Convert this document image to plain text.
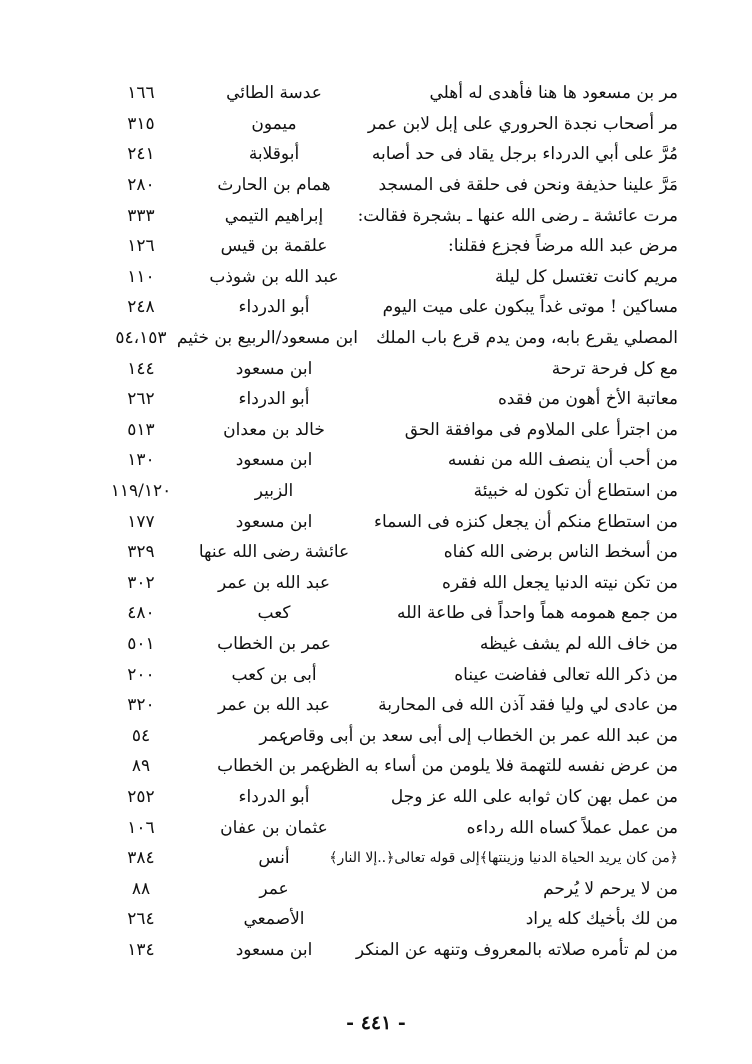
مر بن مسعود ها هنا فأهدى له أهلي
عدسة الطائي
١٦٦
مر أصحاب نجدة الحروري على إبل لابن عمر
ميمون
٣١٥
مُرَّ على أبي الدرداء برجل يقاد فى حد أصابه
أبوقلابة
٢٤١
مَرَّ علينا حذيفة ونحن فى حلقة فى المسجد
همام بن الحارث
٢٨٠
مرت عائشة ـ رضى الله عنها ـ بشجرة فقالت:
إبراهيم التيمي
٣٣٣
مرض عبد الله مرضاً فجزع فقلنا:
علقمة بن قيس
١٢٦
مريم كانت تغتسل كل ليلة
عبد الله بن شوذب
١١٠
مساكين ! موتى غداً يبكون على ميت اليوم
أبو الدرداء
٢٤٨
المصلي يقرع بابه، ومن يدم قرع باب الملك
ابن مسعود/الربيع بن خثيم
٥٤،١٥٣
مع كل فرحة ترحة
ابن مسعود
١٤٤
معاتبة الأخ أهون من فقده
أبو الدرداء
٢٦٢
من اجترأ على الملاوم فى موافقة الحق
خالد بن معدان
٥١٣
من أحب أن ينصف الله من نفسه
ابن مسعود
١٣٠
من استطاع أن تكون له خبيئة
الزبير
١١٩/١٢٠
من استطاع منكم أن يجعل كنزه فى السماء
ابن مسعود
١٧٧
من أسخط الناس برضى الله كفاه
عائشة رضى الله عنها
٣٢٩
من تكن نيته الدنيا يجعل الله فقره
عبد الله بن عمر
٣٠٢
من جمع همومه هماً واحداً فى طاعة الله
كعب
٤٨٠
من خاف الله لم يشف غيظه
عمر بن الخطاب
٥٠١
من ذكر الله تعالى ففاضت عيناه
أبى بن كعب
٢٠٠
من عادى لي وليا فقد آذن الله فى المحاربة
عبد الله بن عمر
٣٢٠
من عبد الله عمر بن الخطاب إلى أبى سعد بن أبى وقاص
عمر
٥٤
من عرض نفسه للتهمة فلا يلومن من أساء به الظن
عمر بن الخطاب
٨٩
من عمل بهن كان ثوابه على الله عز وجل
أبو الدرداء
٢٥٢
من عمل عملاً كساه الله رداءه
عثمان بن عفان
١٠٦
﴿من كان يريد الحياة الدنيا وزينتها﴾إلى قوله تعالى﴿..إلا النار﴾
أنس
٣٨٤
من لا يرحم لا يُرحم
عمر
٨٨
من لك بأخيك كله يراد
الأصمعي
٢٦٤
من لم تأمره صلاته بالمعروف وتنهه عن المنكر
ابن مسعود
١٣٤
- ٤٤١ -
